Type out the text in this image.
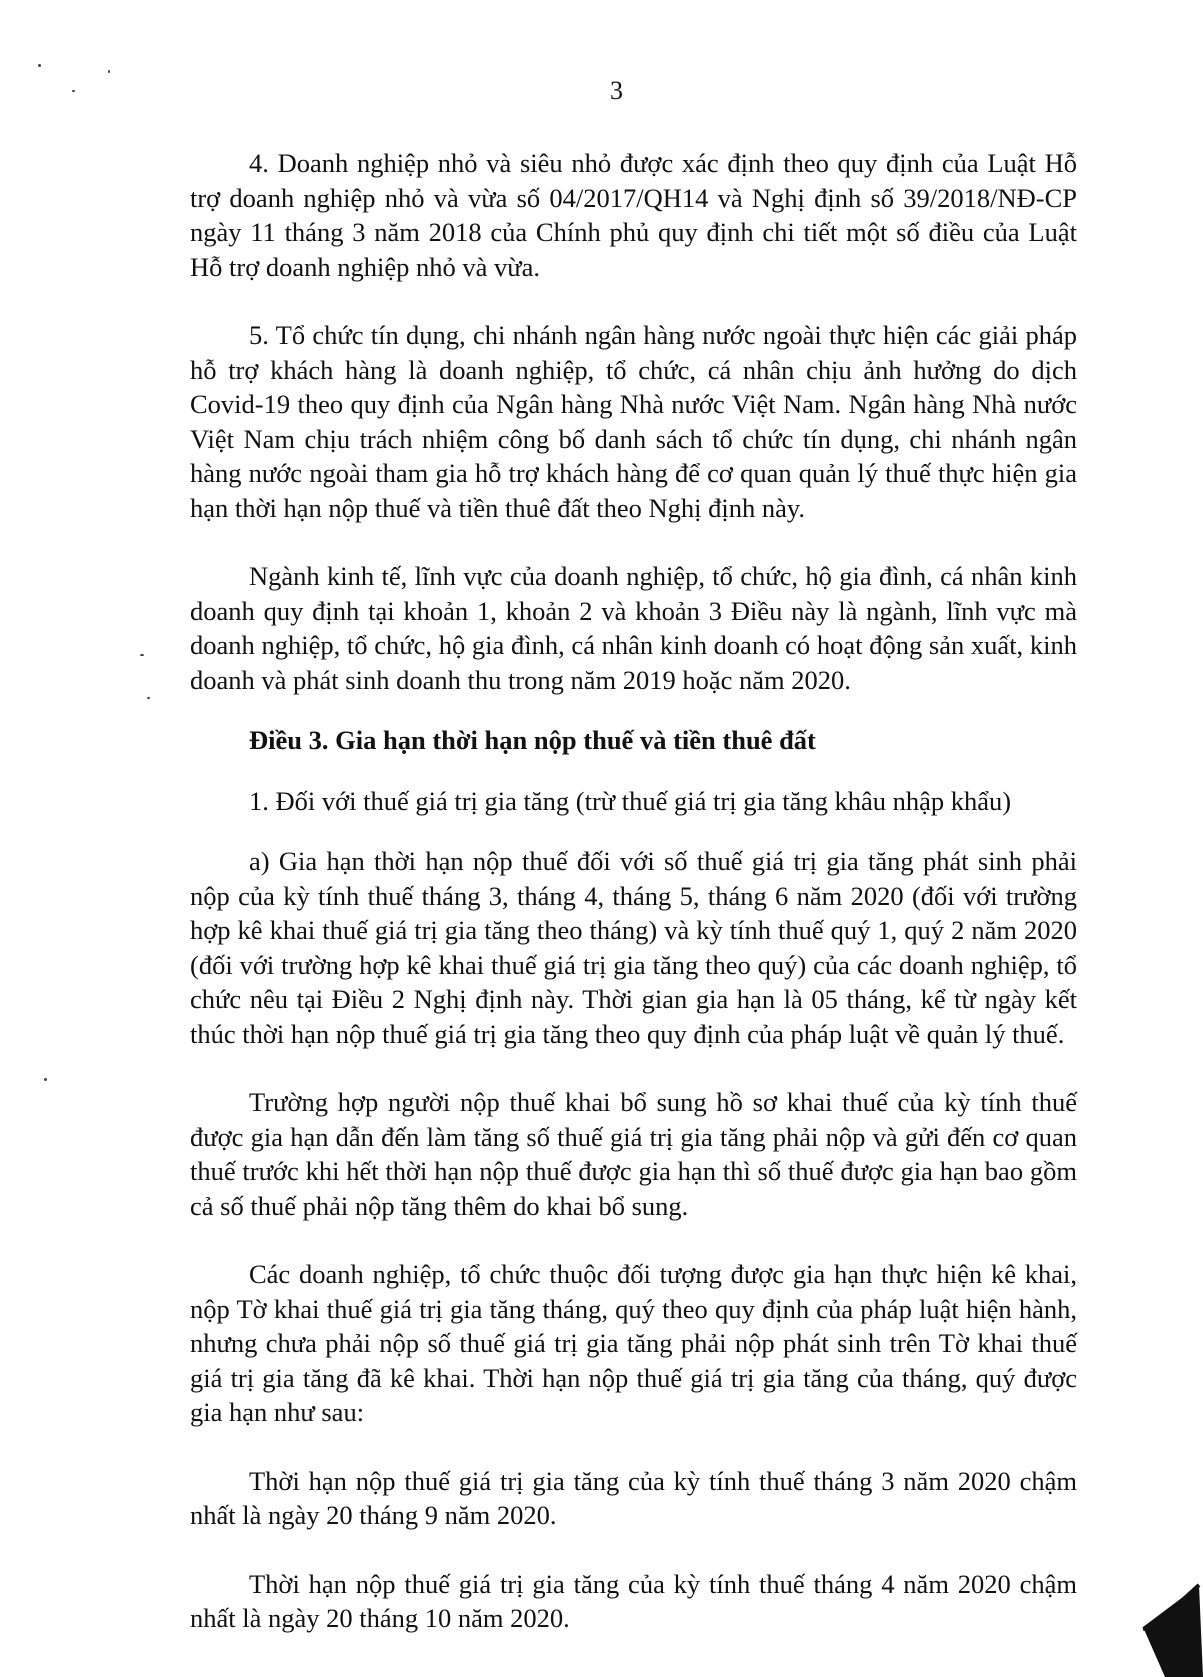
3

4. Doanh nghiệp nhỏ và siêu nhỏ được xác định theo quy định của Luật Hỗ trợ doanh nghiệp nhỏ và vừa số 04/2017/QH14 và Nghị định số 39/2018/NĐ-CP ngày 11 tháng 3 năm 2018 của Chính phủ quy định chi tiết một số điều của Luật Hỗ trợ doanh nghiệp nhỏ và vừa.

5. Tổ chức tín dụng, chi nhánh ngân hàng nước ngoài thực hiện các giải pháp hỗ trợ khách hàng là doanh nghiệp, tổ chức, cá nhân chịu ảnh hưởng do dịch Covid-19 theo quy định của Ngân hàng Nhà nước Việt Nam. Ngân hàng Nhà nước Việt Nam chịu trách nhiệm công bố danh sách tổ chức tín dụng, chi nhánh ngân hàng nước ngoài tham gia hỗ trợ khách hàng để cơ quan quản lý thuế thực hiện gia hạn thời hạn nộp thuế và tiền thuê đất theo Nghị định này.

Ngành kinh tế, lĩnh vực của doanh nghiệp, tổ chức, hộ gia đình, cá nhân kinh doanh quy định tại khoản 1, khoản 2 và khoản 3 Điều này là ngành, lĩnh vực mà doanh nghiệp, tổ chức, hộ gia đình, cá nhân kinh doanh có hoạt động sản xuất, kinh doanh và phát sinh doanh thu trong năm 2019 hoặc năm 2020.

Điều 3. Gia hạn thời hạn nộp thuế và tiền thuê đất

1. Đối với thuế giá trị gia tăng (trừ thuế giá trị gia tăng khâu nhập khẩu)

a) Gia hạn thời hạn nộp thuế đối với số thuế giá trị gia tăng phát sinh phải nộp của kỳ tính thuế tháng 3, tháng 4, tháng 5, tháng 6 năm 2020 (đối với trường hợp kê khai thuế giá trị gia tăng theo tháng) và kỳ tính thuế quý 1, quý 2 năm 2020 (đối với trường hợp kê khai thuế giá trị gia tăng theo quý) của các doanh nghiệp, tổ chức nêu tại Điều 2 Nghị định này. Thời gian gia hạn là 05 tháng, kể từ ngày kết thúc thời hạn nộp thuế giá trị gia tăng theo quy định của pháp luật về quản lý thuế.

Trường hợp người nộp thuế khai bổ sung hồ sơ khai thuế của kỳ tính thuế được gia hạn dẫn đến làm tăng số thuế giá trị gia tăng phải nộp và gửi đến cơ quan thuế trước khi hết thời hạn nộp thuế được gia hạn thì số thuế được gia hạn bao gồm cả số thuế phải nộp tăng thêm do khai bổ sung.

Các doanh nghiệp, tổ chức thuộc đối tượng được gia hạn thực hiện kê khai, nộp Tờ khai thuế giá trị gia tăng tháng, quý theo quy định của pháp luật hiện hành, nhưng chưa phải nộp số thuế giá trị gia tăng phải nộp phát sinh trên Tờ khai thuế giá trị gia tăng đã kê khai. Thời hạn nộp thuế giá trị gia tăng của tháng, quý được gia hạn như sau:

Thời hạn nộp thuế giá trị gia tăng của kỳ tính thuế tháng 3 năm 2020 chậm nhất là ngày 20 tháng 9 năm 2020.

Thời hạn nộp thuế giá trị gia tăng của kỳ tính thuế tháng 4 năm 2020 chậm nhất là ngày 20 tháng 10 năm 2020.
